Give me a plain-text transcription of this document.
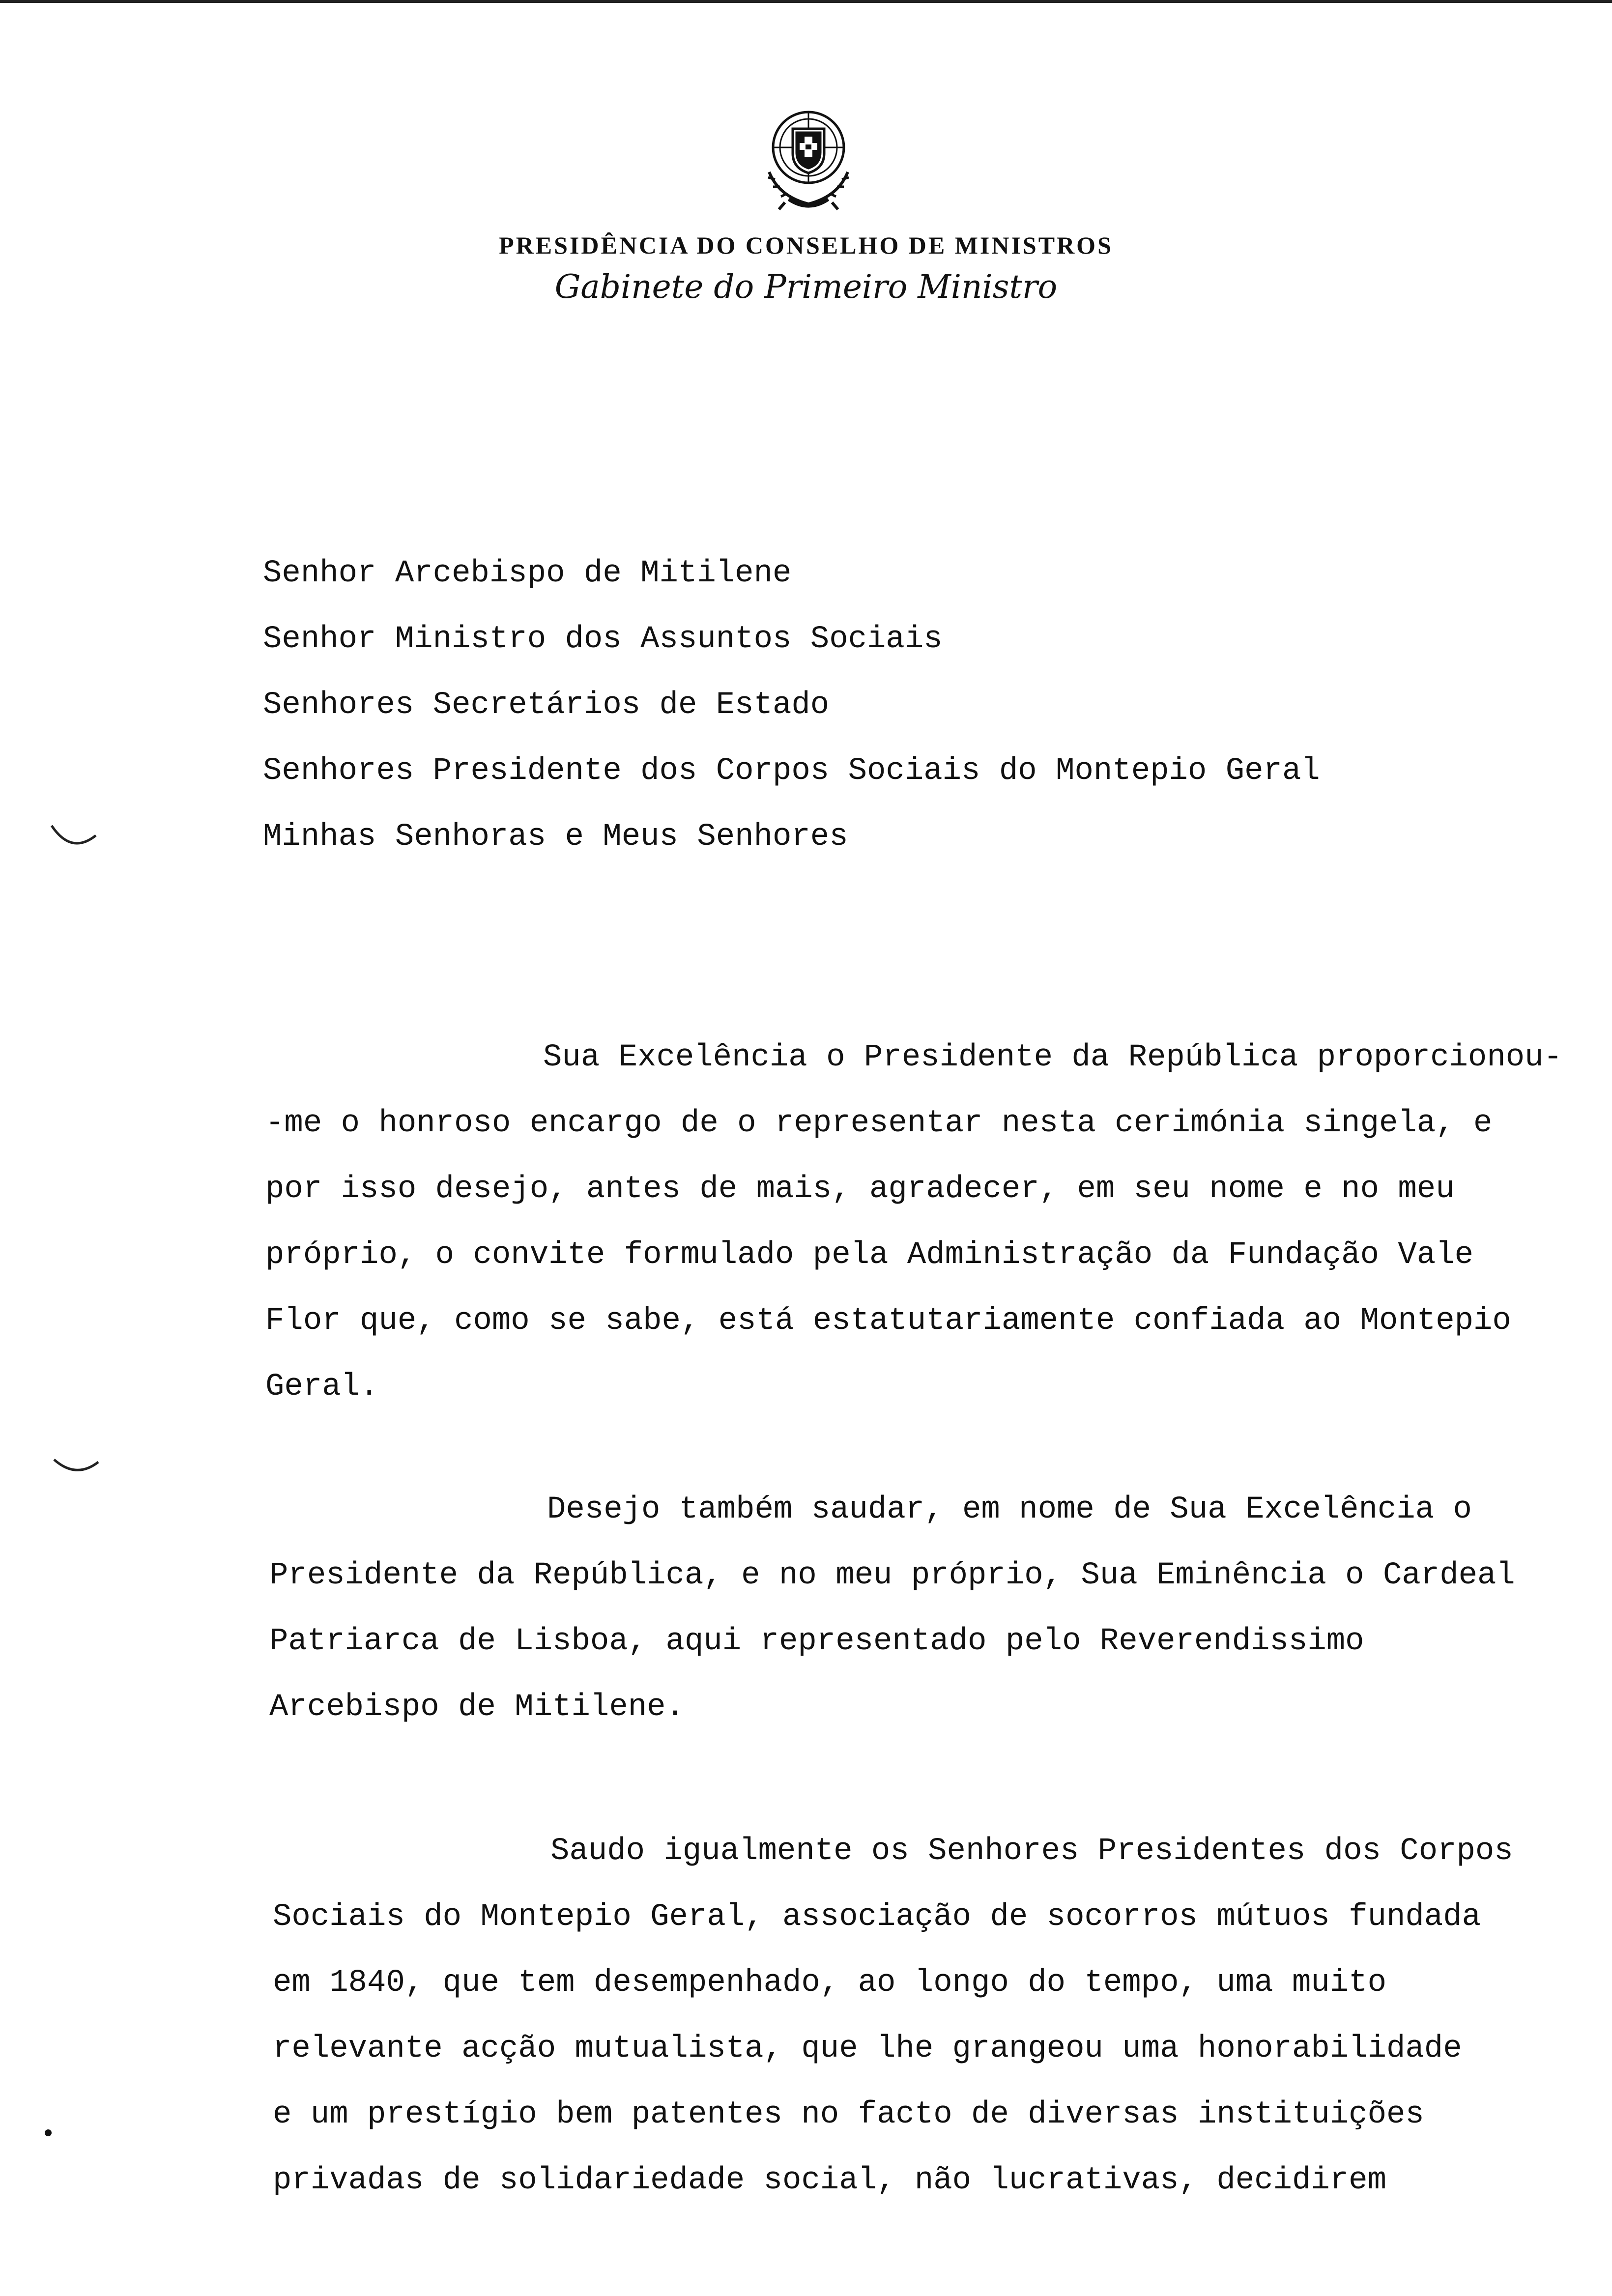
PRESIDÊNCIA DO CONSELHO DE MINISTROS
Gabinete do Primeiro Ministro
Senhor Arcebispo de Mitilene
Senhor Ministro dos Assuntos Sociais
Senhores Secretários de Estado
Senhores Presidente dos Corpos Sociais do Montepio Geral
Minhas Senhoras e Meus Senhores
Sua Excelência o Presidente da República proporcionou-
-me o honroso encargo de o representar nesta cerimónia singela, e
por isso desejo, antes de mais, agradecer, em seu nome e no meu
próprio, o convite formulado pela Administração da Fundação Vale
Flor que, como se sabe, está estatutariamente confiada ao Montepio
Geral.
Desejo também saudar, em nome de Sua Excelência o
Presidente da República, e no meu próprio, Sua Eminência o Cardeal
Patriarca de Lisboa, aqui representado pelo Reverendissimo
Arcebispo de Mitilene.
Saudo igualmente os Senhores Presidentes dos Corpos
Sociais do Montepio Geral, associação de socorros mútuos fundada
em 1840, que tem desempenhado, ao longo do tempo, uma muito
relevante acção mutualista, que lhe grangeou uma honorabilidade
e um prestígio bem patentes no facto de diversas instituições
privadas de solidariedade social, não lucrativas, decidirem
